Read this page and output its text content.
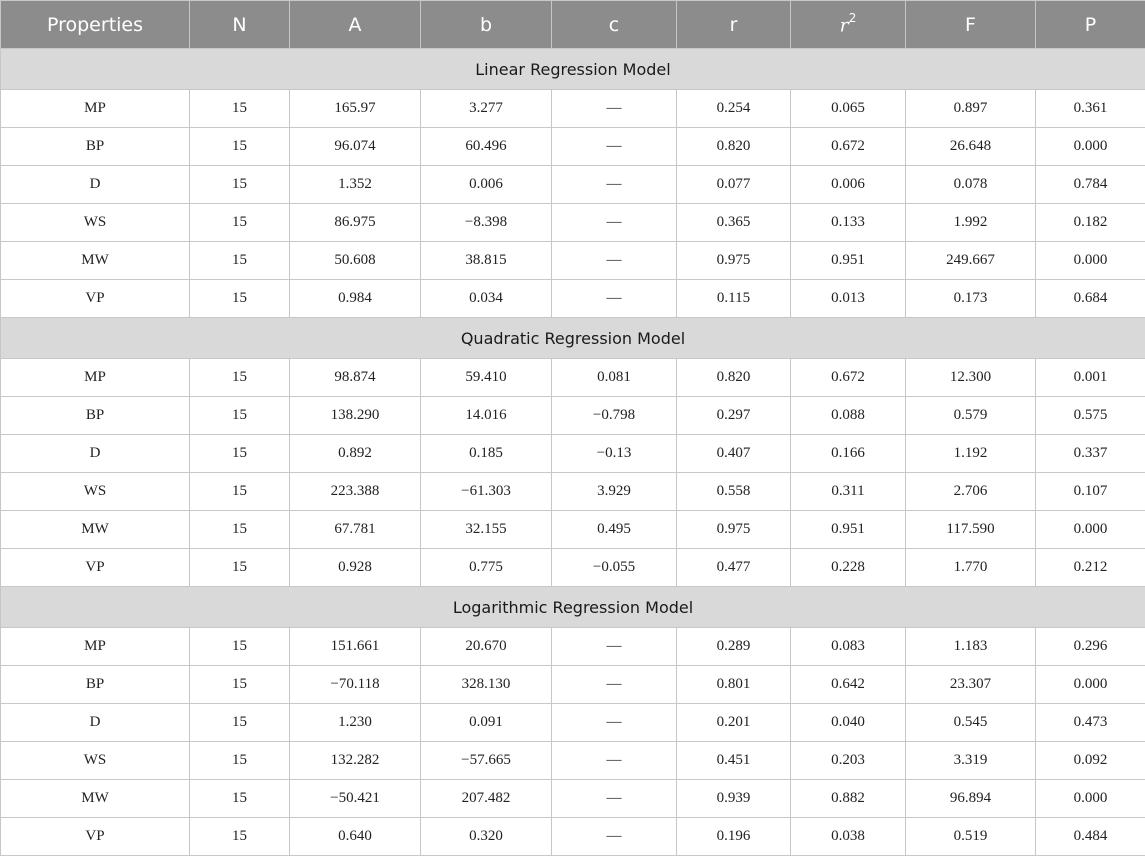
Properties	N	A	b	c	r	$r^2$	F	P
Linear Regression Model								
MP	15	165.97	3.277	—	0.254	0.065	0.897	0.361
BP	15	96.074	60.496	—	0.820	0.672	26.648	0.000
D	15	1.352	0.006	—	0.077	0.006	0.078	0.784
WS	15	86.975	−8.398	—	0.365	0.133	1.992	0.182
MW	15	50.608	38.815	—	0.975	0.951	249.667	0.000
VP	15	0.984	0.034	—	0.115	0.013	0.173	0.684
Quadratic Regression Model								
MP	15	98.874	59.410	0.081	0.820	0.672	12.300	0.001
BP	15	138.290	14.016	−0.798	0.297	0.088	0.579	0.575
D	15	0.892	0.185	−0.13	0.407	0.166	1.192	0.337
WS	15	223.388	−61.303	3.929	0.558	0.311	2.706	0.107
MW	15	67.781	32.155	0.495	0.975	0.951	117.590	0.000
VP	15	0.928	0.775	−0.055	0.477	0.228	1.770	0.212
Logarithmic Regression Model								
MP	15	151.661	20.670	—	0.289	0.083	1.183	0.296
BP	15	−70.118	328.130	—	0.801	0.642	23.307	0.000
D	15	1.230	0.091	—	0.201	0.040	0.545	0.473
WS	15	132.282	−57.665	—	0.451	0.203	3.319	0.092
MW	15	−50.421	207.482	—	0.939	0.882	96.894	0.000
VP	15	0.640	0.320	—	0.196	0.038	0.519	0.484
